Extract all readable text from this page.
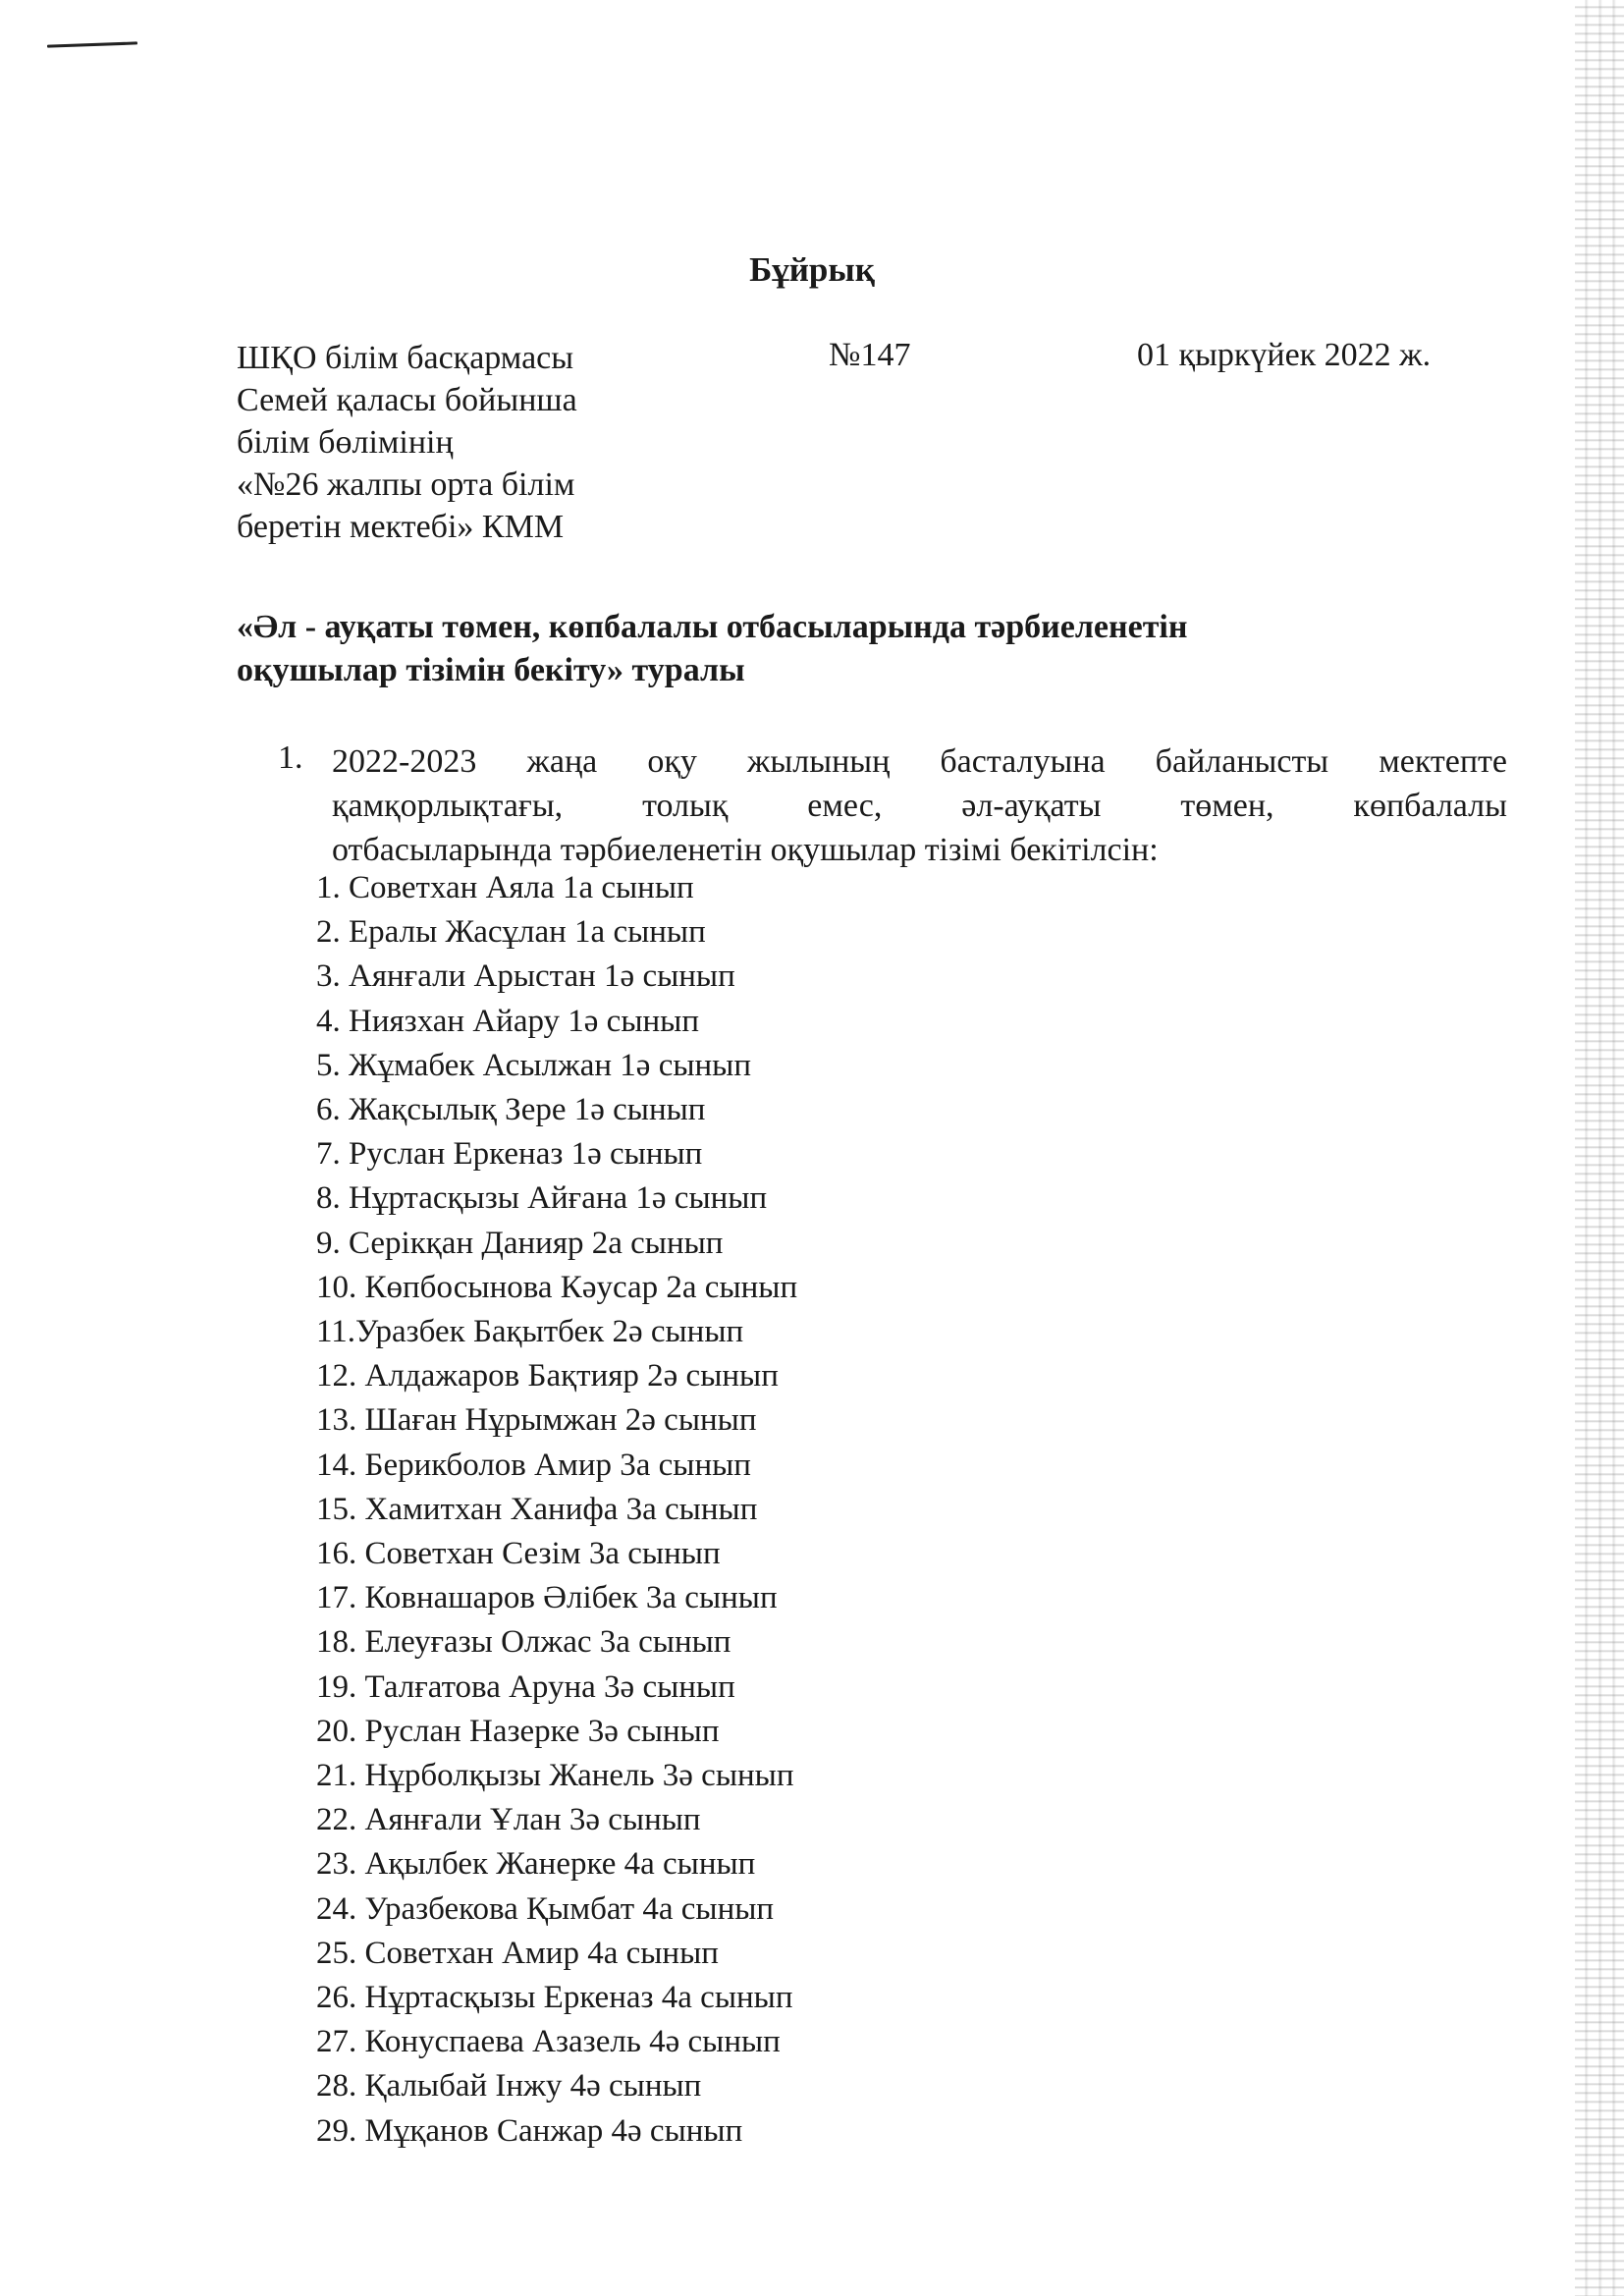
Бұйрық
ШҚО білім басқармасы
Семей қаласы бойынша
білім бөлімінің
«№26 жалпы орта білім
беретін мектебі» КММ
№147	01 қыркүйек 2022 ж.
«Әл - ауқаты төмен, көпбалалы отбасыларында тәрбиеленетін
оқушылар тізімін бекіту» туралы
1. 2022-2023 жаңа оқу жылының басталуына байланысты мектепте
қамқорлықтағы, толық емес, әл-ауқаты төмен, көпбалалы
отбасыларында тәрбиеленетін оқушылар тізімі бекітілсін:
1. Советхан Аяла 1а сынып
2. Ералы Жасұлан 1а сынып
3. Аянғали Арыстан 1ә сынып
4. Ниязхан Айару 1ә сынып
5. Жұмабек Асылжан 1ә сынып
6. Жақсылық Зере 1ә сынып
7. Руслан Еркеназ 1ә сынып
8. Нұртасқызы Айғана 1ә сынып
9. Серікқан Данияр 2а сынып
10. Көпбосынова Кәусар 2а сынып
11.Уразбек Бақытбек 2ә сынып
12. Алдажаров Бақтияр 2ә сынып
13. Шаған Нұрымжан 2ә сынып
14. Берикболов Амир 3а сынып
15. Хамитхан Ханифа 3а сынып
16. Советхан Сезім 3а сынып
17. Ковнашаров Әлібек 3а сынып
18. Елеуғазы Олжас 3а сынып
19. Талғатова Аруна 3ә сынып
20. Руслан Назерке 3ә сынып
21. Нұрболқызы Жанель 3ә сынып
22. Аянғали Ұлан 3ә сынып
23. Ақылбек Жанерке 4а сынып
24. Уразбекова Қымбат 4а сынып
25. Советхан Амир 4а сынып
26. Нұртасқызы Еркеназ 4а сынып
27. Конуспаева Азазель 4ә сынып
28. Қалыбай Інжу 4ә сынып
29. Мұқанов Санжар 4ә сынып
